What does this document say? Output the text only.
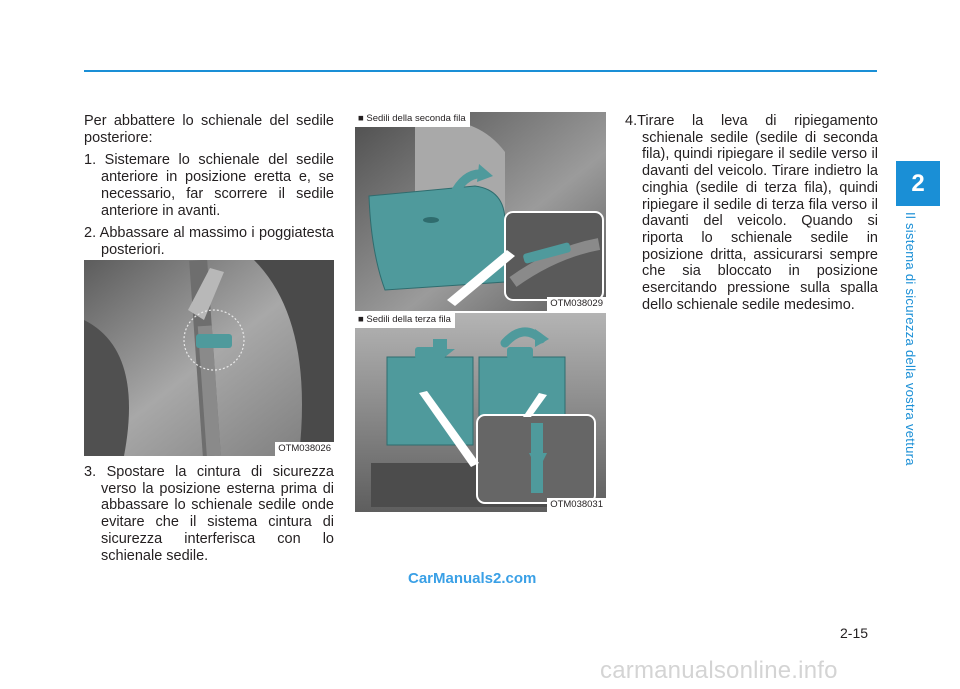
Per abbattere lo schienale del sedile posteriore:

1. Sistemare lo schienale del sedile anteriore in posizione eretta e, se necessario, far scorrere il sedile anteriore in avanti.
2. Abbassare al massimo i poggiatesta posteriori.
OTM038026
3. Spostare la cintura di sicurezza verso la posizione esterna prima di abbassare lo schienale sedile onde evitare che il sistema cintura di sicurezza interferisca con lo schienale sedile.
■ Sedili della seconda fila
OTM038029
■ Sedili della terza fila
OTM038031
4.Tirare la leva di ripiegamento schienale sedile (sedile di seconda fila), quindi ripiegare il sedile verso il davanti del veicolo. Tirare indietro la cinghia (sedile di terza fila), quindi ripiegare il sedile di terza fila verso il davanti del veicolo. Quando si riporta lo schienale sedile in posizione dritta, assicurarsi sempre che sia bloccato in posizione esercitando pressione sulla spalla dello schienale sedile medesimo.
2
Il sistema di sicurezza della vostra vettura
CarManuals2.com
2-15
carmanualsonline.info
